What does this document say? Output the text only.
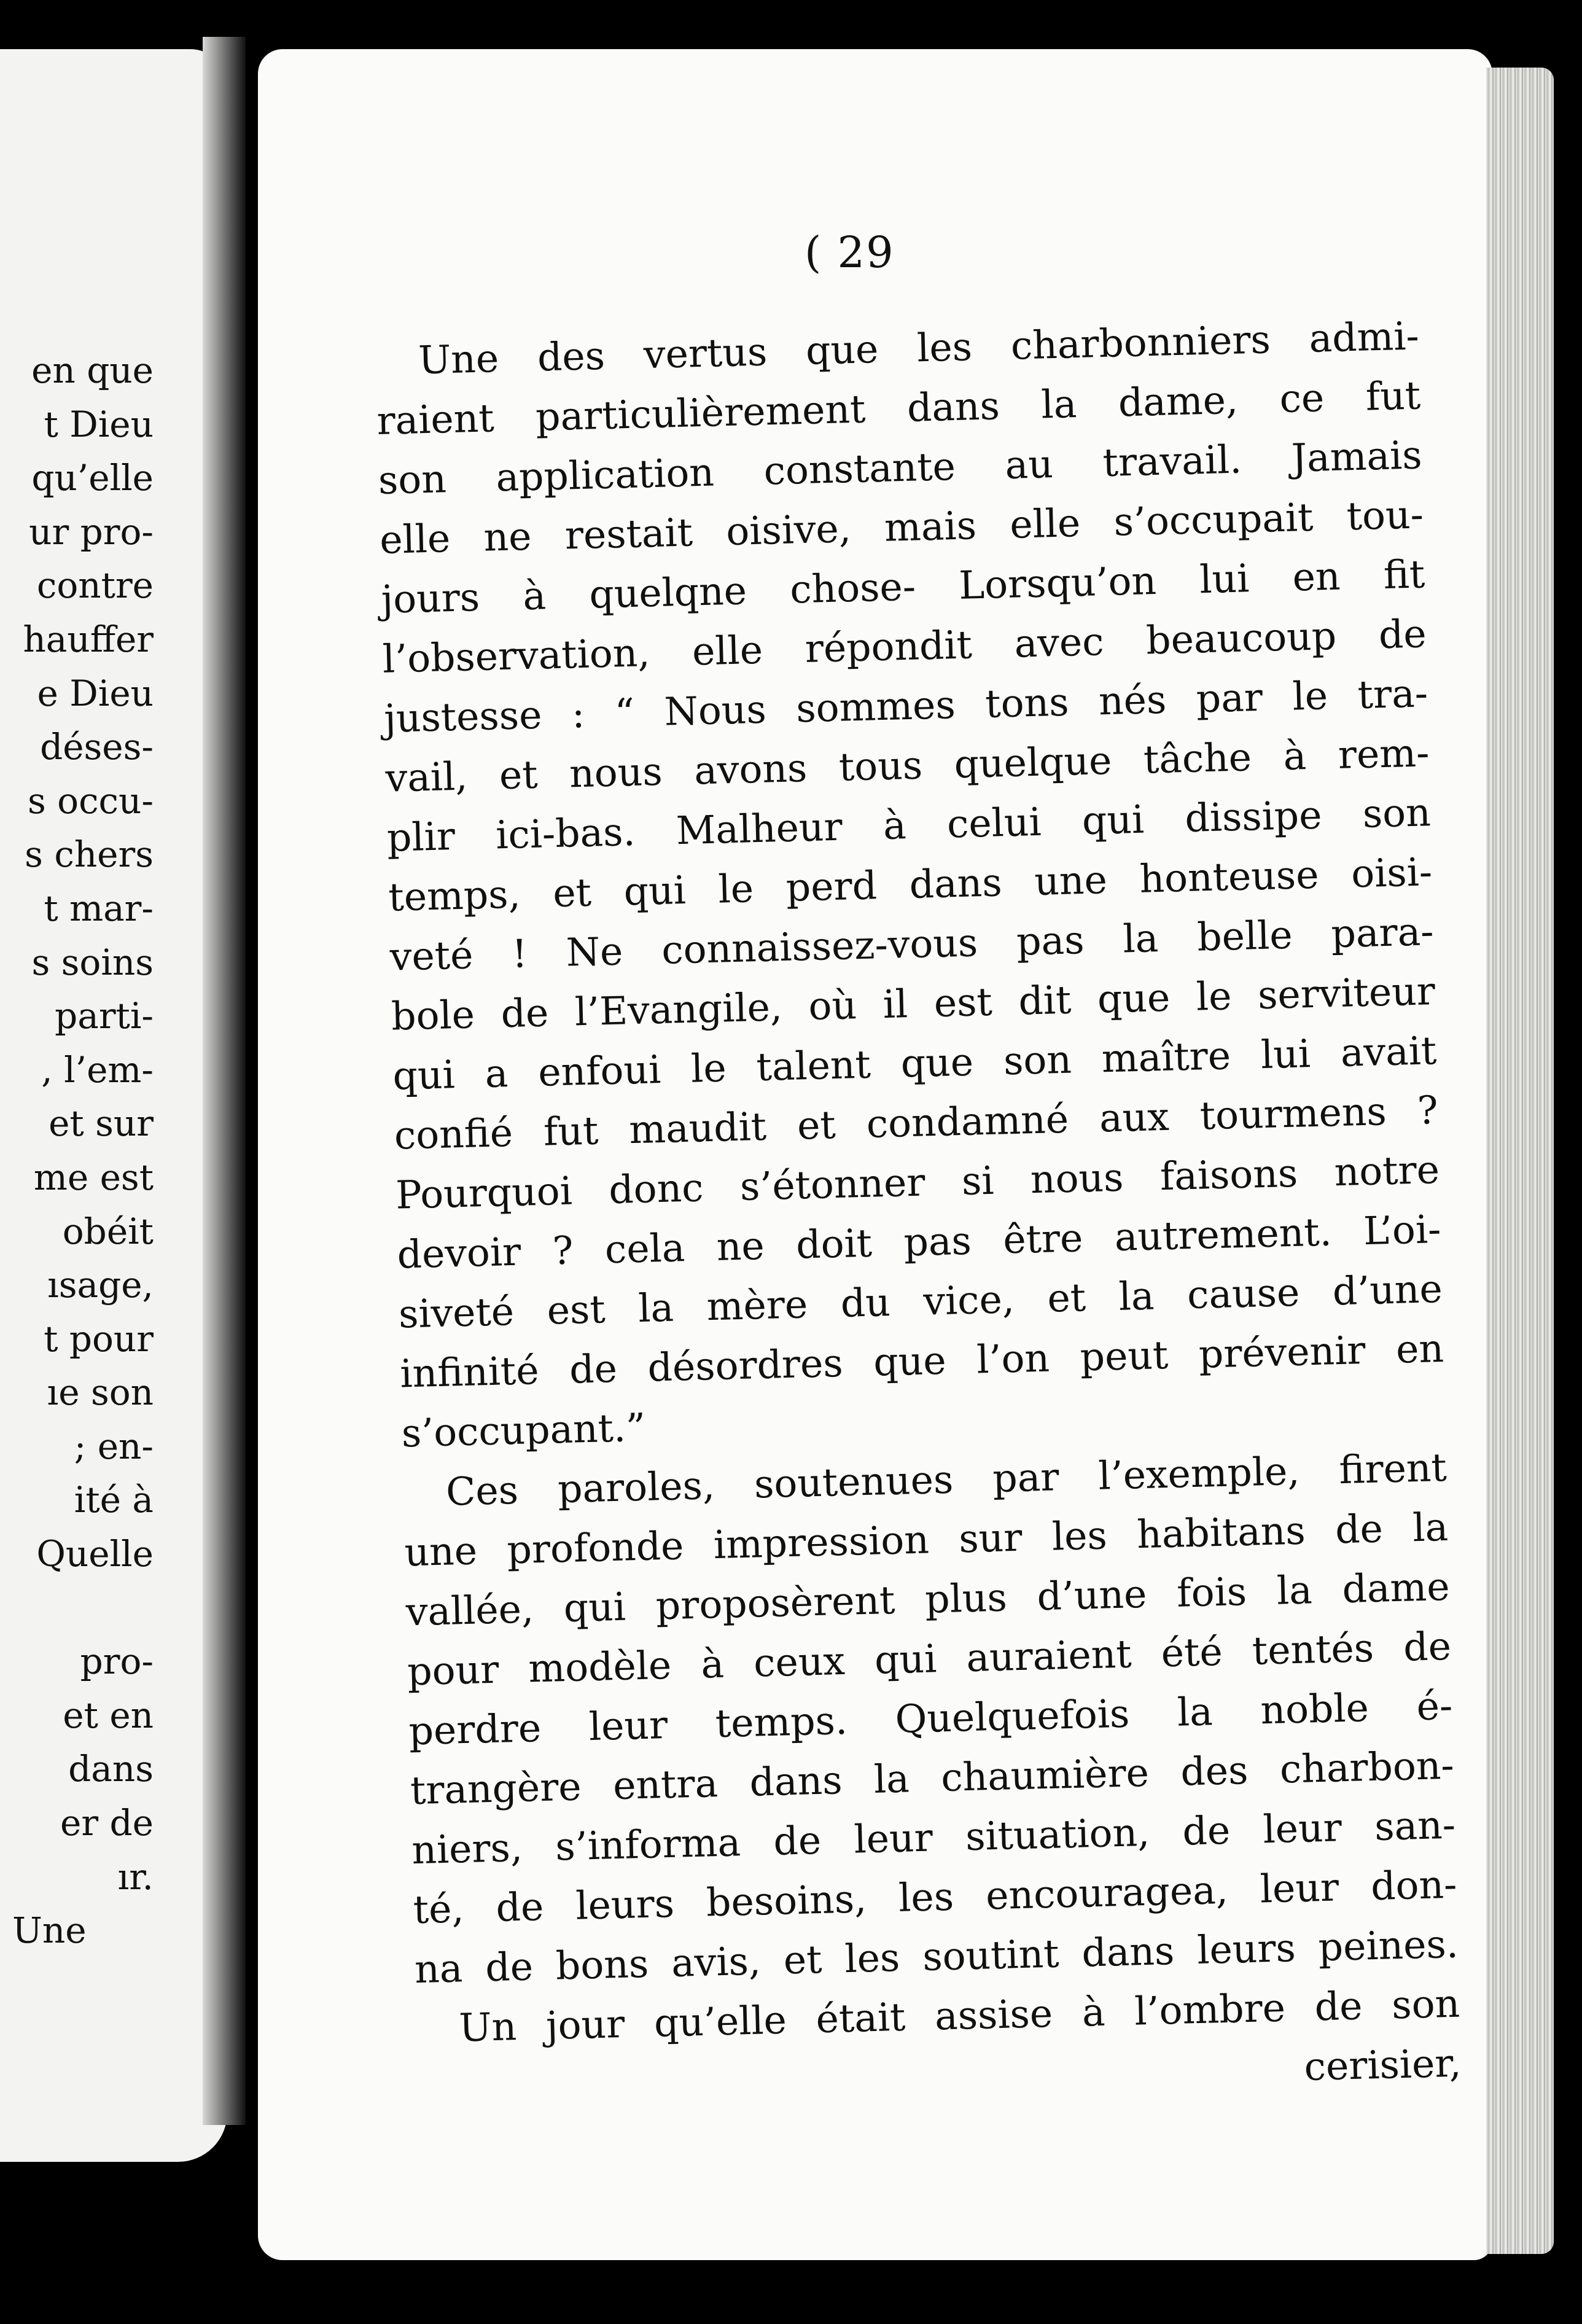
en que
t Dieu
qu’elle
ur pro-
contre
hauffer
e Dieu
déses-
s occu-
s chers
t mar-
s soins
parti-
, l’em-
et sur
me est
obéit
ısage,
t pour
ıe son
; en-
ité à
Quelle
pro-
et en
dans
er de
ır.
Une
( 29
Une des vertus que les charbonniers admi-
raient particulièrement dans la dame, ce fut
son application constante au travail. Jamais
elle ne restait oisive, mais elle s’occupait tou-
jours à quelqne chose- Lorsqu’on lui en fit
l’observation, elle répondit avec beaucoup de
justesse : “ Nous sommes tons nés par le tra-
vail, et nous avons tous quelque tâche à rem-
plir ici-bas. Malheur à celui qui dissipe son
temps, et qui le perd dans une honteuse oisi-
veté ! Ne connaissez-vous pas la belle para-
bole de l’Evangile, où il est dit que le serviteur
qui a enfoui le talent que son maître lui avait
confié fut maudit et condamné aux tourmens ?
Pourquoi donc s’étonner si nous faisons notre
devoir ? cela ne doit pas être autrement. L’oi-
siveté est la mère du vice, et la cause d’une
infinité de désordres que l’on peut prévenir en
s’occupant.”
Ces paroles, soutenues par l’exemple, firent
une profonde impression sur les habitans de la
vallée, qui proposèrent plus d’une fois la dame
pour modèle à ceux qui auraient été tentés de
perdre leur temps. Quelquefois la noble é-
trangère entra dans la chaumière des charbon-
niers, s’informa de leur situation, de leur san-
té, de leurs besoins, les encouragea, leur don-
na de bons avis, et les soutint dans leurs peines.
Un jour qu’elle était assise à l’ombre de son
cerisier,
